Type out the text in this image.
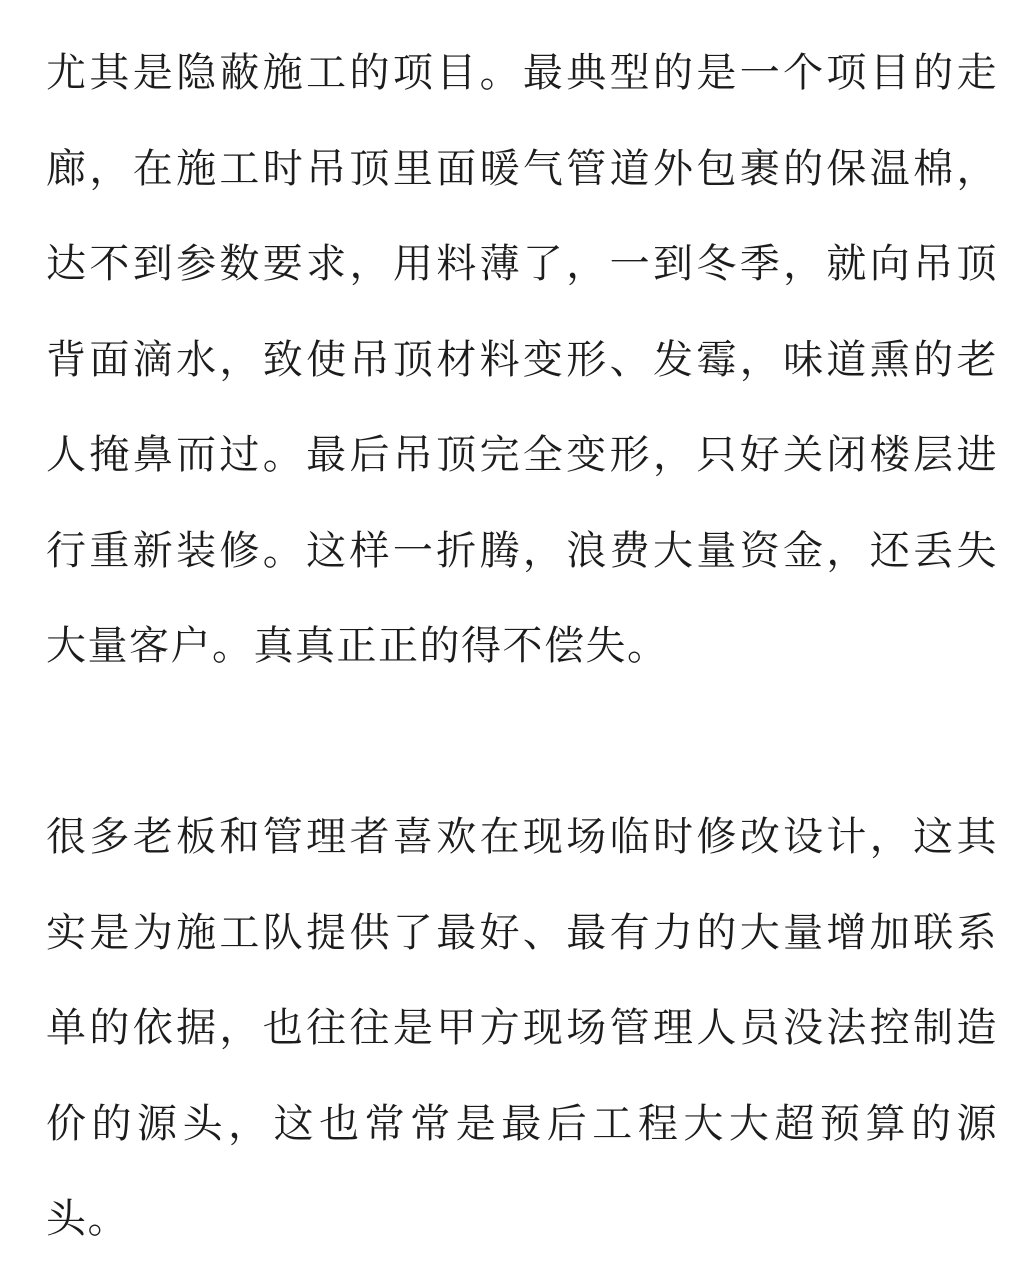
尤其是隐蔽施工的项目。最典型的是一个项目的走廊，在施工时吊顶里面暖气管道外包裹的保温棉，达不到参数要求，用料薄了，一到冬季，就向吊顶背面滴水，致使吊顶材料变形、发霉，味道熏的老人掩鼻而过。最后吊顶完全变形，只好关闭楼层进行重新装修。这样一折腾，浪费大量资金，还丢失大量客户。真真正正的得不偿失。

很多老板和管理者喜欢在现场临时修改设计，这其实是为施工队提供了最好、最有力的大量增加联系单的依据，也往往是甲方现场管理人员没法控制造价的源头，这也常常是最后工程大大超预算的源头。
